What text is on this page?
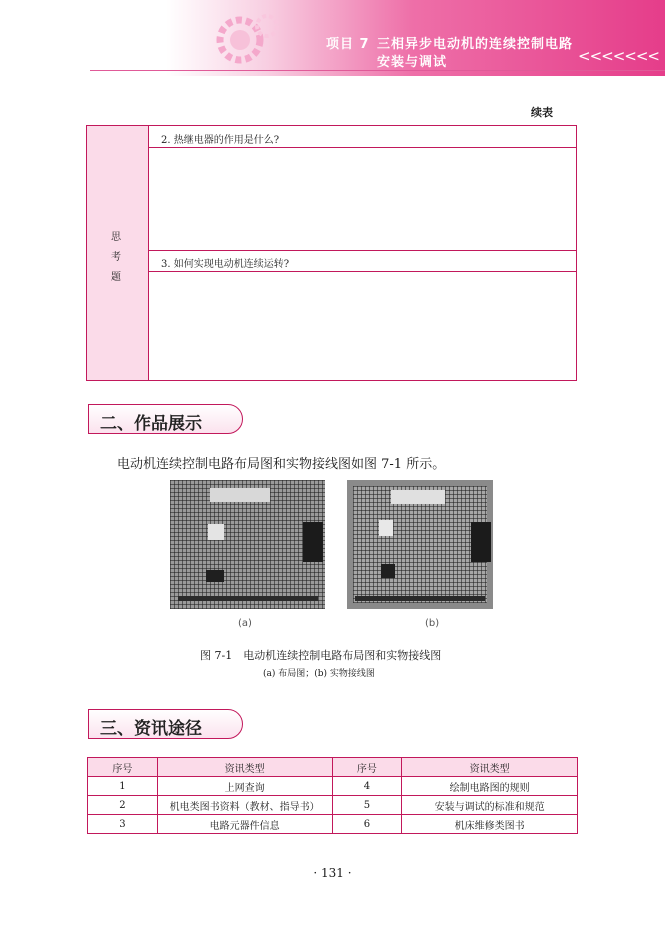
项目 7 三相异步电动机的连续控制电路
安装与调试	<<<<<<<
续表
思
考
题
2. 热继电器的作用是什么?
3. 如何实现电动机连续运转?
二、作品展示
电动机连续控制电路布局图和实物接线图如图 7-1 所示。
(a)	(b)
图 7-1　电动机连续控制电路布局图和实物接线图
(a) 布局图；(b) 实物接线图
三、资讯途径
序号	资讯类型	序号	资讯类型
1	上网查询	4	绘制电路图的规则
2	机电类图书资料（教材、指导书）	5	安装与调试的标准和规范
3	电路元器件信息	6	机床维修类图书
· 131 ·
